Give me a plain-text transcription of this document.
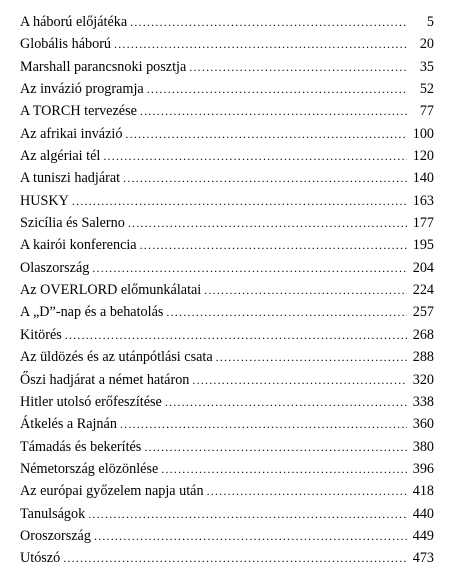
A háború előjátéka .....	5
Globális háború .....	20
Marshall parancsnoki posztja .....	35
Az invázió programja .....	52
A TORCH tervezése .....	77
Az afrikai invázió .....	100
Az algériai tél .....	120
A tuniszi hadjárat .....	140
HUSKY .....	163
Szicília és Salerno .....	177
A kairói konferencia .....	195
Olaszország .....	204
Az OVERLORD előmunkálatai .....	224
A „D”-nap és a behatolás .....	257
Kitörés .....	268
Az üldözés és az utánpótlási csata .....	288
Őszi hadjárat a német határon .....	320
Hitler utolsó erőfeszítése .....	338
Átkelés a Rajnán .....	360
Támadás és bekerítés .....	380
Németország elözönlése .....	396
Az európai győzelem napja után .....	418
Tanulságok .....	440
Oroszország .....	449
Utószó .....	473
